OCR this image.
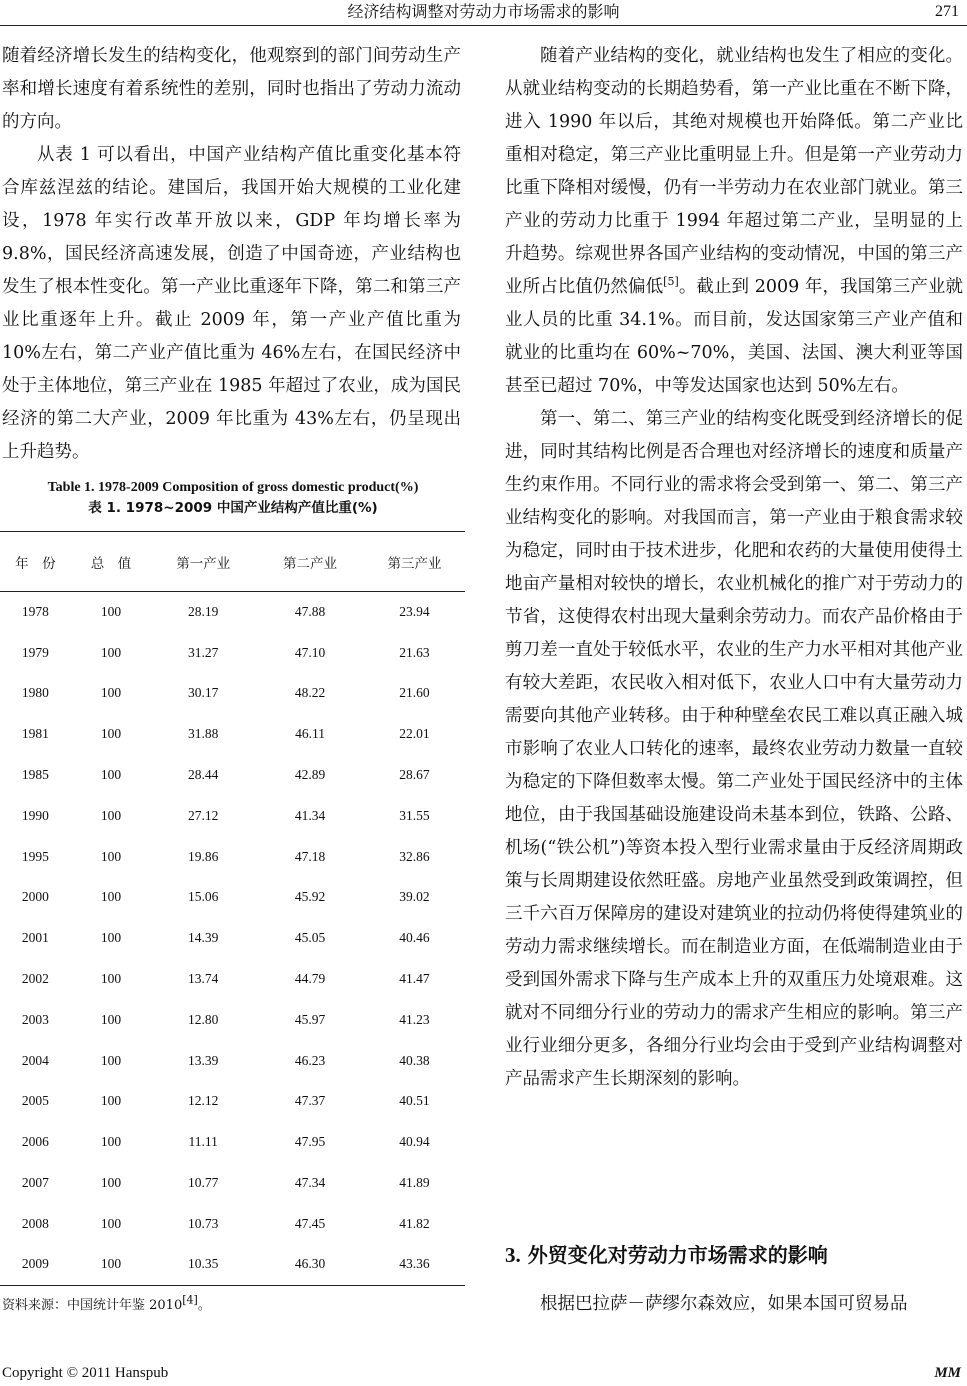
经济结构调整对劳动力市场需求的影响	271

随着经济增长发生的结构变化，他观察到的部门间劳动生产率和增长速度有着系统性的差别，同时也指出了劳动力流动的方向。

从表 1 可以看出，中国产业结构产值比重变化基本符合库兹涅兹的结论。建国后，我国开始大规模的工业化建设，1978 年实行改革开放以来，GDP 年均增长率为 9.8%，国民经济高速发展，创造了中国奇迹，产业结构也发生了根本性变化。第一产业比重逐年下降，第二和第三产业比重逐年上升。截止 2009 年，第一产业产值比重为 10%左右，第二产业产值比重为 46%左右，在国民经济中处于主体地位，第三产业在 1985 年超过了农业，成为国民经济的第二大产业，2009 年比重为 43%左右，仍呈现出上升趋势。

Table 1. 1978-2009 Composition of gross domestic product(%)
表 1. 1978~2009 中国产业结构产值比重(%)
年　份	总　值	第一产业	第二产业	第三产业
1978	100	28.19	47.88	23.94
1979	100	31.27	47.10	21.63
1980	100	30.17	48.22	21.60
1981	100	31.88	46.11	22.01
1985	100	28.44	42.89	28.67
1990	100	27.12	41.34	31.55
1995	100	19.86	47.18	32.86
2000	100	15.06	45.92	39.02
2001	100	14.39	45.05	40.46
2002	100	13.74	44.79	41.47
2003	100	12.80	45.97	41.23
2004	100	13.39	46.23	40.38
2005	100	12.12	47.37	40.51
2006	100	11.11	47.95	40.94
2007	100	10.77	47.34	41.89
2008	100	10.73	47.45	41.82
2009	100	10.35	46.30	43.36
资料来源：中国统计年鉴 2010[4]。

随着产业结构的变化，就业结构也发生了相应的变化。从就业结构变动的长期趋势看，第一产业比重在不断下降，进入 1990 年以后，其绝对规模也开始降低。第二产业比重相对稳定，第三产业比重明显上升。但是第一产业劳动力比重下降相对缓慢，仍有一半劳动力在农业部门就业。第三产业的劳动力比重于 1994 年超过第二产业，呈明显的上升趋势。综观世界各国产业结构的变动情况，中国的第三产业所占比值仍然偏低[5]。截止到 2009 年，我国第三产业就业人员的比重 34.1%。而目前，发达国家第三产业产值和就业的比重均在 60%~70%，美国、法国、澳大利亚等国甚至已超过 70%，中等发达国家也达到 50%左右。

第一、第二、第三产业的结构变化既受到经济增长的促进，同时其结构比例是否合理也对经济增长的速度和质量产生约束作用。不同行业的需求将会受到第一、第二、第三产业结构变化的影响。对我国而言，第一产业由于粮食需求较为稳定，同时由于技术进步，化肥和农药的大量使用使得土地亩产量相对较快的增长，农业机械化的推广对于劳动力的节省，这使得农村出现大量剩余劳动力。而农产品价格由于剪刀差一直处于较低水平，农业的生产力水平相对其他产业有较大差距，农民收入相对低下，农业人口中有大量劳动力需要向其他产业转移。由于种种壁垒农民工难以真正融入城市影响了农业人口转化的速率，最终农业劳动力数量一直较为稳定的下降但数率太慢。第二产业处于国民经济中的主体地位，由于我国基础设施建设尚未基本到位，铁路、公路、机场(“铁公机”)等资本投入型行业需求量由于反经济周期政策与长周期建设依然旺盛。房地产业虽然受到政策调控，但三千六百万保障房的建设对建筑业的拉动仍将使得建筑业的劳动力需求继续增长。而在制造业方面，在低端制造业由于受到国外需求下降与生产成本上升的双重压力处境艰难。这就对不同细分行业的劳动力的需求产生相应的影响。第三产业行业细分更多，各细分行业均会由于受到产业结构调整对产品需求产生长期深刻的影响。

3. 外贸变化对劳动力市场需求的影响
根据巴拉萨－萨缪尔森效应，如果本国可贸易品
Copyright © 2011 Hanspub	MM
